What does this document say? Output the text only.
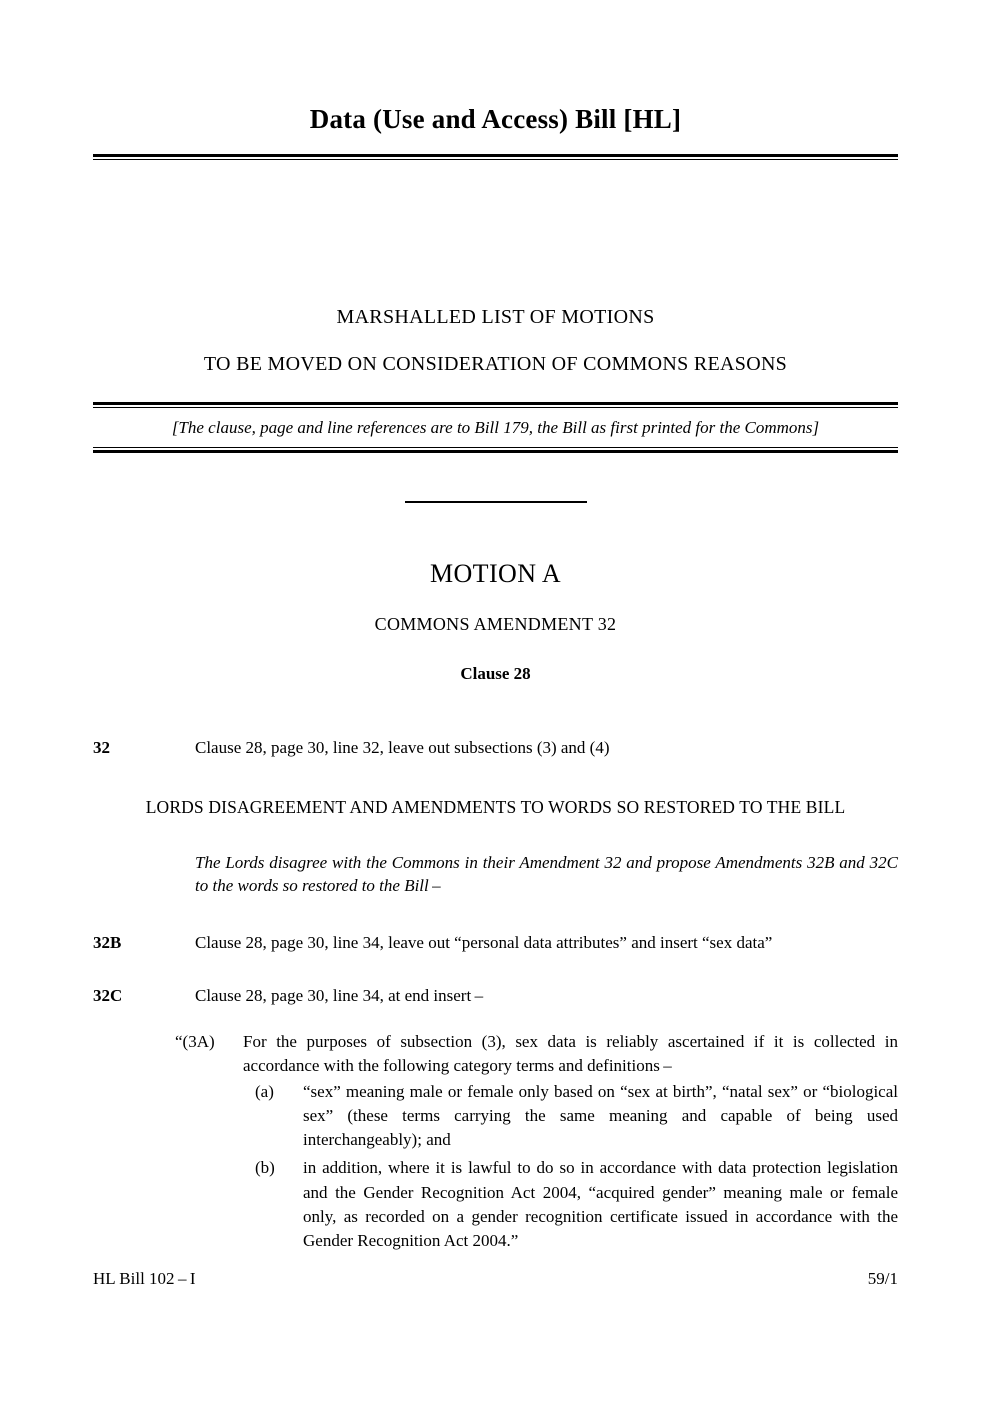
Data (Use and Access) Bill [HL]
MARSHALLED LIST OF MOTIONS
TO BE MOVED ON CONSIDERATION OF COMMONS REASONS
[The clause, page and line references are to Bill 179, the Bill as first printed for the Commons]
MOTION A
COMMONS AMENDMENT 32
Clause 28
32	Clause 28, page 30, line 32, leave out subsections (3) and (4)
LORDS DISAGREEMENT AND AMENDMENTS TO WORDS SO RESTORED TO THE BILL
The Lords disagree with the Commons in their Amendment 32 and propose Amendments 32B and 32C to the words so restored to the Bill –
32B	Clause 28, page 30, line 34, leave out “personal data attributes” and insert “sex data”
32C	Clause 28, page 30, line 34, at end insert –
“(3A)	For the purposes of subsection (3), sex data is reliably ascertained if it is collected in accordance with the following category terms and definitions –
(a)	“sex” meaning male or female only based on “sex at birth”, “natal sex” or “biological sex” (these terms carrying the same meaning and capable of being used interchangeably); and
(b)	in addition, where it is lawful to do so in accordance with data protection legislation and the Gender Recognition Act 2004, “acquired gender” meaning male or female only, as recorded on a gender recognition certificate issued in accordance with the Gender Recognition Act 2004.”
HL Bill 102 – I	59/1
